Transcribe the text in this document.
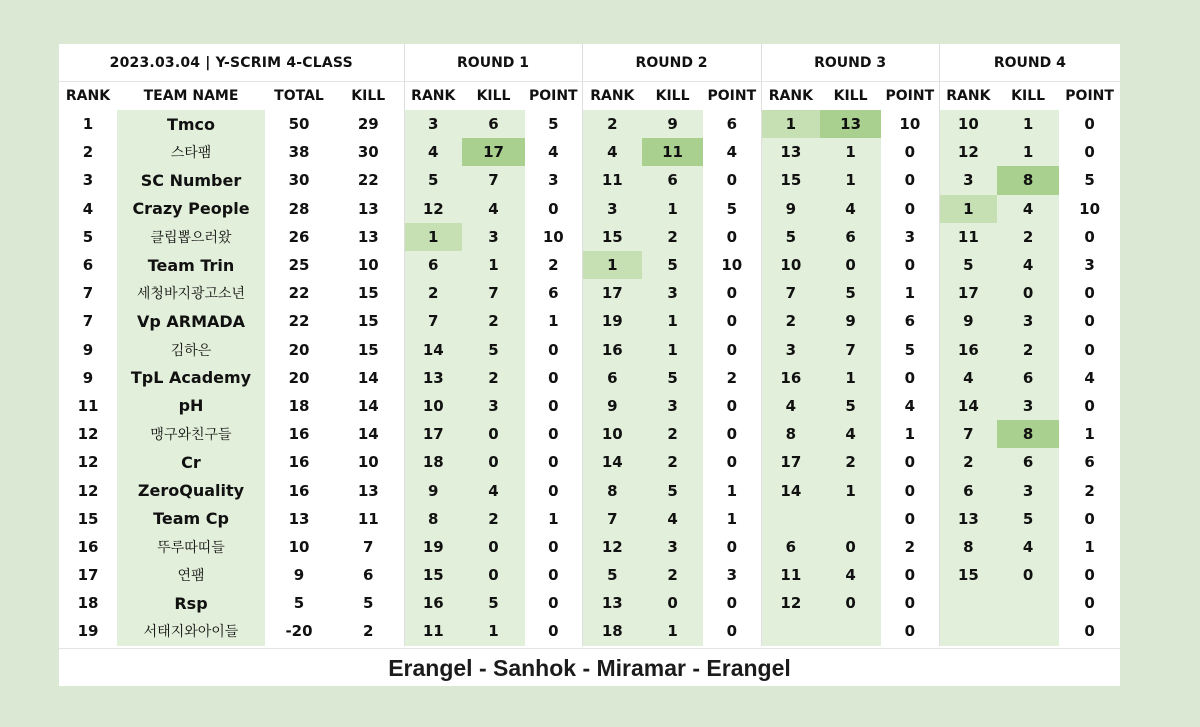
2023.03.04 | Y-SCRIM 4-CLASS				ROUND 1			ROUND 2			ROUND 3			ROUND 4		
RANK	TEAM NAME	TOTAL	KILL	RANK	KILL	POINT	RANK	KILL	POINT	RANK	KILL	POINT	RANK	KILL	POINT
1	Tmco	50	29	3	6	5	2	9	6	1	13	10	10	1	0
2	스타팸	38	30	4	17	4	4	11	4	13	1	0	12	1	0
3	SC Number	30	22	5	7	3	11	6	0	15	1	0	3	8	5
4	Crazy People	28	13	12	4	0	3	1	5	9	4	0	1	4	10
5	클립뽑으러왔	26	13	1	3	10	15	2	0	5	6	3	11	2	0
6	Team Trin	25	10	6	1	2	1	5	10	10	0	0	5	4	3
7	세청바지광고소년	22	15	2	7	6	17	3	0	7	5	1	17	0	0
7	Vp ARMADA	22	15	7	2	1	19	1	0	2	9	6	9	3	0
9	김하은	20	15	14	5	0	16	1	0	3	7	5	16	2	0
9	TpL Academy	20	14	13	2	0	6	5	2	16	1	0	4	6	4
11	pH	18	14	10	3	0	9	3	0	4	5	4	14	3	0
12	맹구와친구들	16	14	17	0	0	10	2	0	8	4	1	7	8	1
12	Cr	16	10	18	0	0	14	2	0	17	2	0	2	6	6
12	ZeroQuality	16	13	9	4	0	8	5	1	14	1	0	6	3	2
15	Team Cp	13	11	8	2	1	7	4	1			0	13	5	0
16	뚜루따띠들	10	7	19	0	0	12	3	0	6	0	2	8	4	1
17	연팸	9	6	15	0	0	5	2	3	11	4	0	15	0	0
18	Rsp	5	5	16	5	0	13	0	0	12	0	0			0
19	서태지와아이들	-20	2	11	1	0	18	1	0			0			0
Erangel - Sanhok - Miramar - Erangel
